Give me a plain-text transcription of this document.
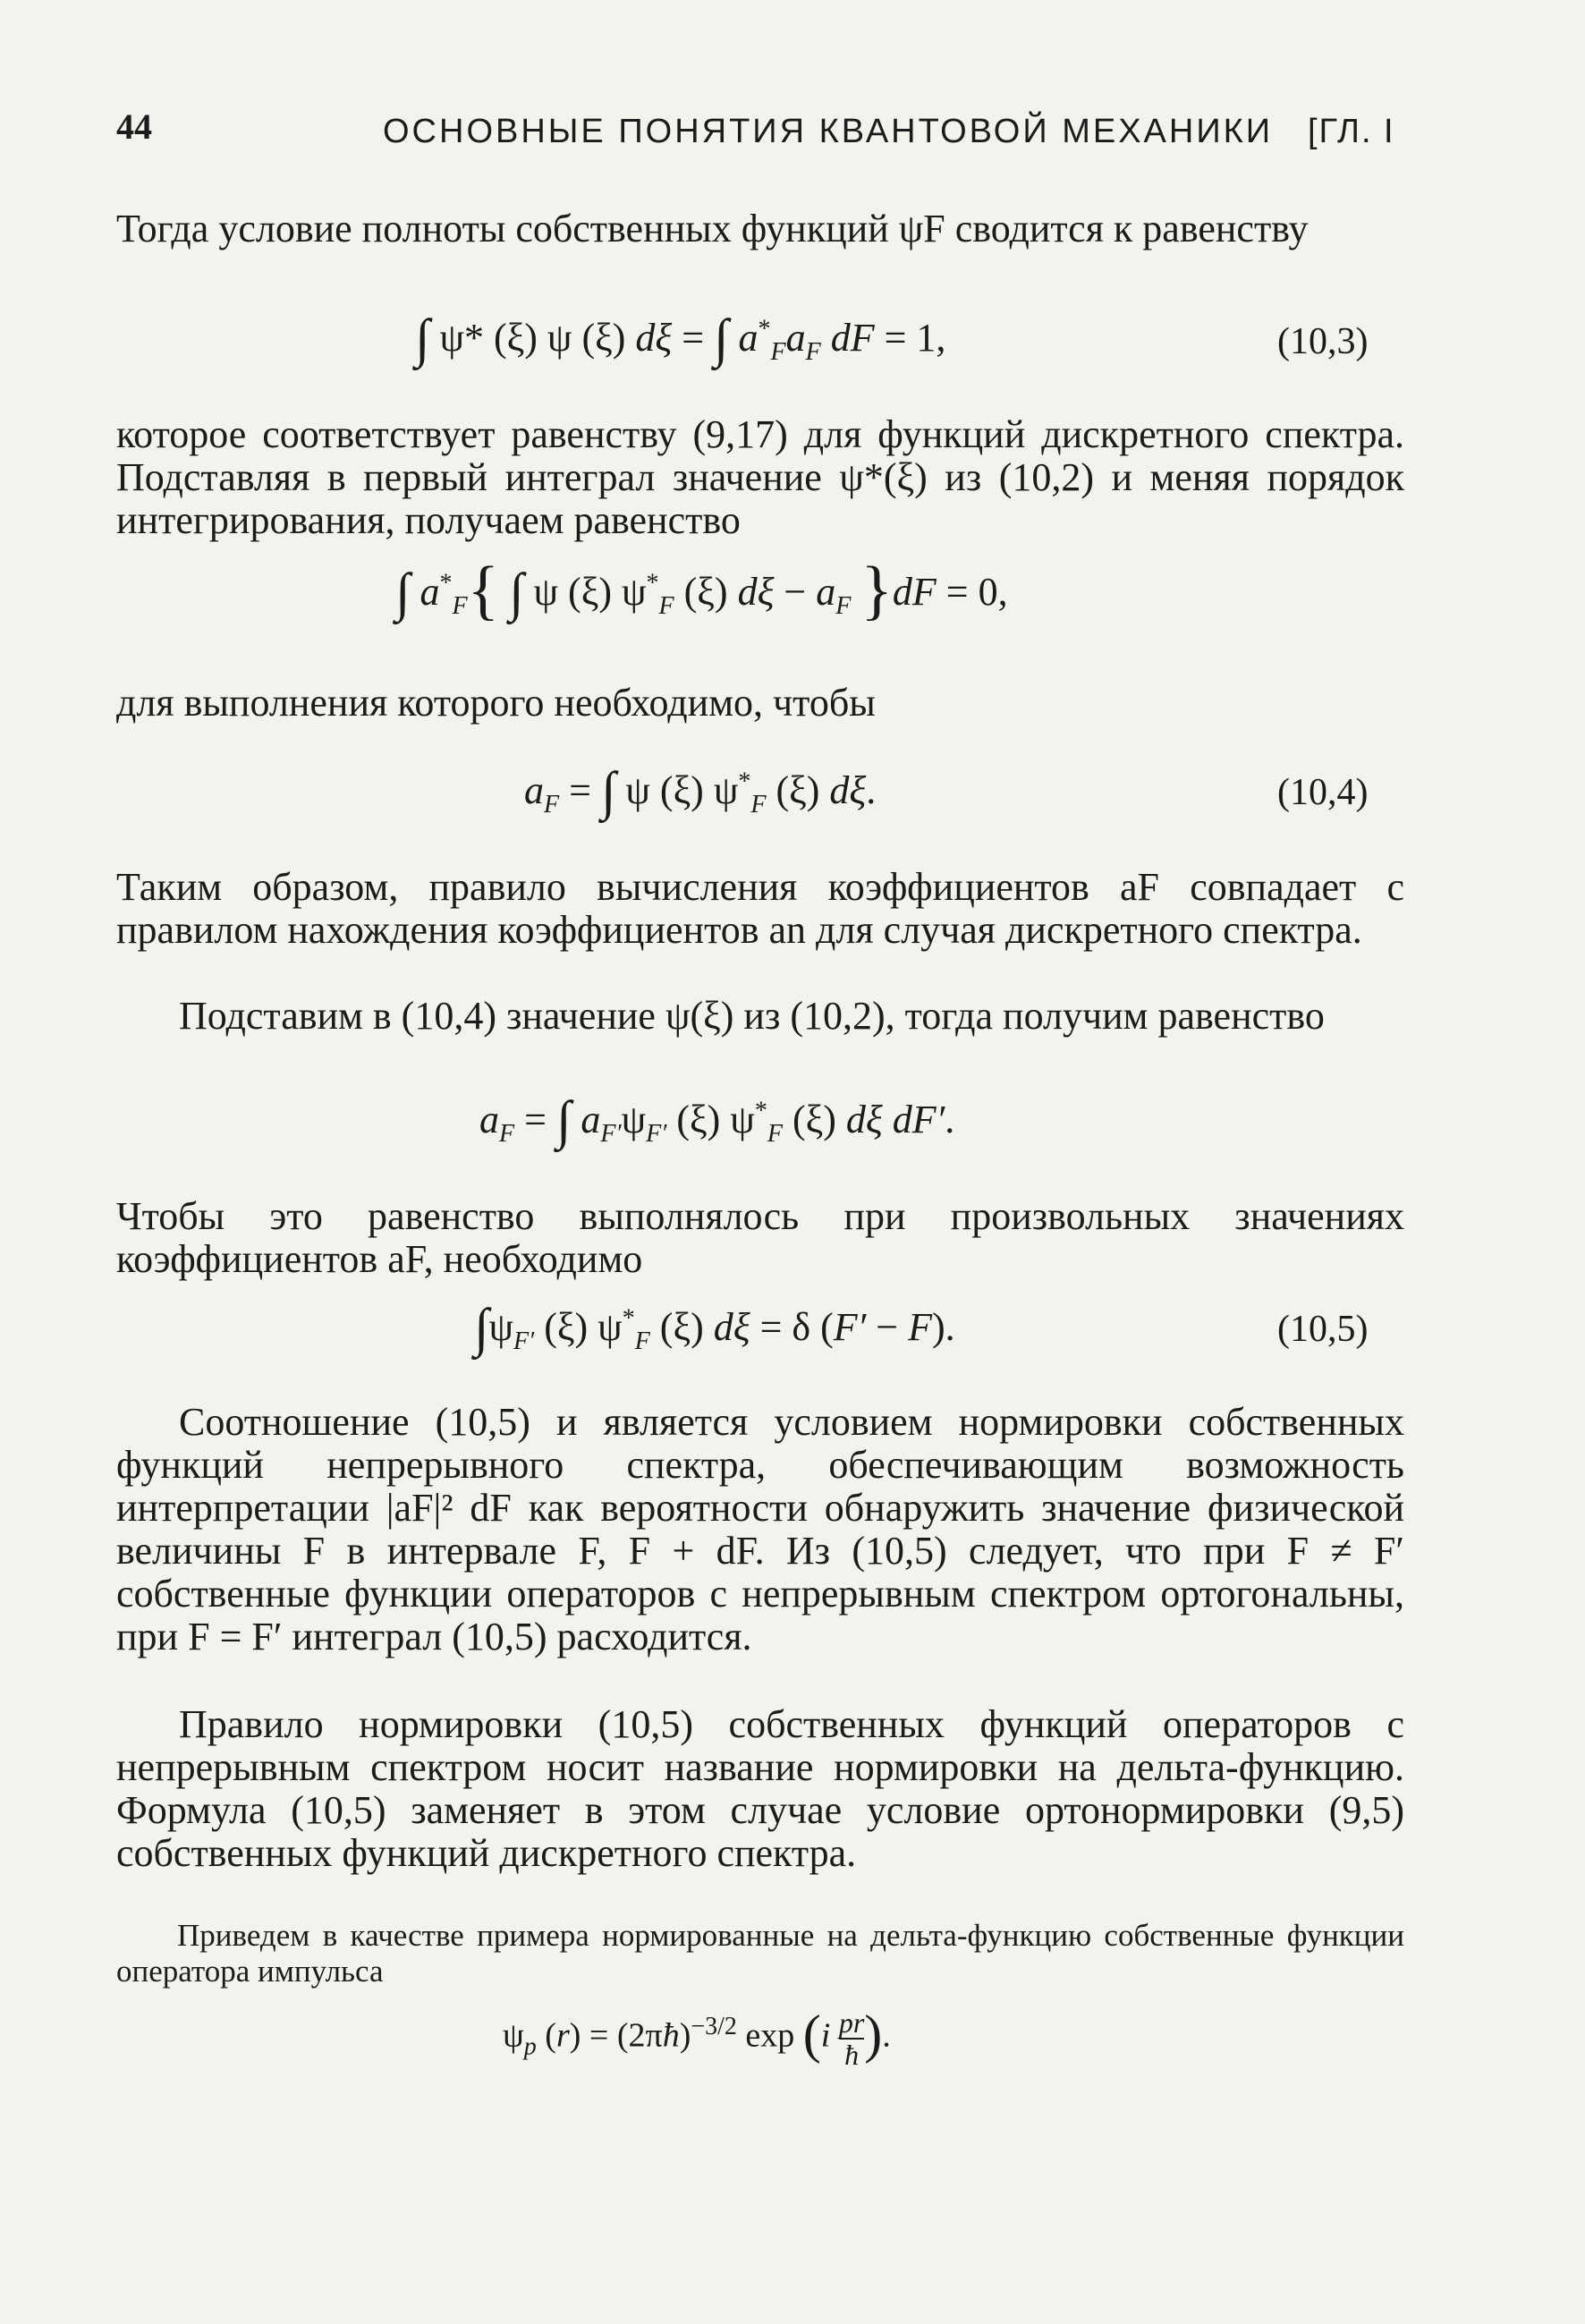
44	ОСНОВНЫЕ ПОНЯТИЯ КВАНТОВОЙ МЕХАНИКИ [ГЛ. I

Тогда условие полноты собственных функций ψF сводится к равенству

∫ ψ* (ξ) ψ (ξ) dξ = ∫ $a^*_Fa_F$ dF = 1,	(10,3)

которое соответствует равенству (9,17) для функций дискретного спектра. Подставляя в первый интеграл значение ψ*(ξ) из (10,2) и меняя порядок интегрирования, получаем равенство

∫ $a^*_F${ ∫ ψ (ξ) $\psi^*_F$ (ξ) $d\xi - a_F$ }dF = 0,

для выполнения которого необходимо, чтобы

$a_F$ = ∫ ψ (ξ) $\psi^*_F$ (ξ) dξ.	(10,4)

Таким образом, правило вычисления коэффициентов aF совпадает с правилом нахождения коэффициентов an для случая дискретного спектра.

Подставим в (10,4) значение ψ(ξ) из (10,2), тогда получим равенство

$a_F$ = ∫ $a_{F'}\psi_{F'}$ (ξ) $\psi^*_F$ (ξ) dξ dF′.

Чтобы это равенство выполнялось при произвольных значениях коэффициентов aF, необходимо

$\int\psi_{F'}$ (ξ) $\psi^*_F$ (ξ) dξ = δ (F′ − F).	(10,5)

Соотношение (10,5) и является условием нормировки собственных функций непрерывного спектра, обеспечивающим возможность интерпретации |aF|² dF как вероятности обнаружить значение физической величины F в интервале F, F + dF. Из (10,5) следует, что при F ≠ F′ собственные функции операторов с непрерывным спектром ортогональны, при F = F′ интеграл (10,5) расходится.

Правило нормировки (10,5) собственных функций операторов с непрерывным спектром носит название нормировки на дельта-функцию. Формула (10,5) заменяет в этом случае условие ортонормировки (9,5) собственных функций дискретного спектра.

Приведем в качестве примера нормированные на дельта-функцию собственные функции оператора импульса

$\psi_p$ (r) = (2πħ)$^{-3/2}$ $\exp (i \frac{pr}{ħ})$.
